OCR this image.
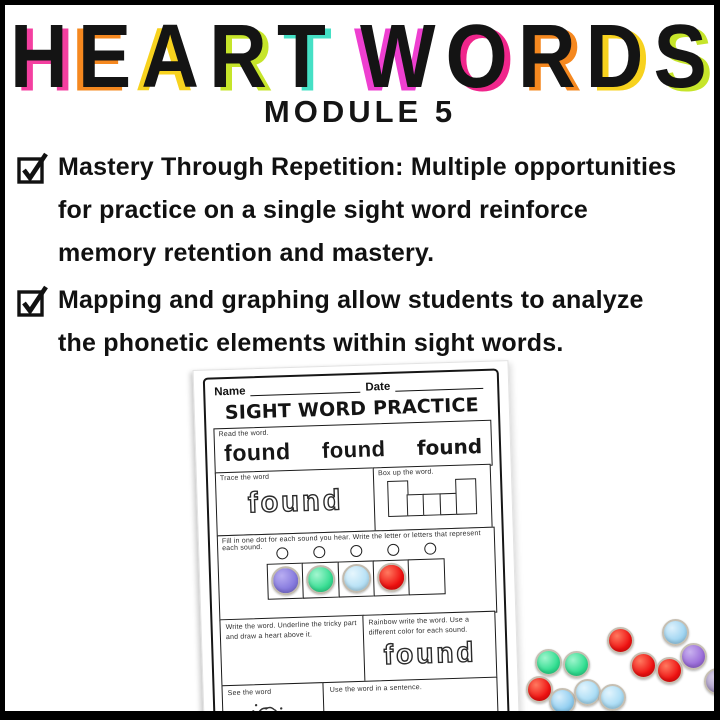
H E A R T W O R D S
MODULE 5
Mastery Through Repetition: Multiple opportunities
for practice on a single sight word reinforce
memory retention and mastery.
Mapping and graphing allow students to analyze
the phonetic elements within sight words.
Name	Date
SIGHT WORD PRACTICE
Read the word.
found found found
Trace the word
found
Box up the word.
Fill in one dot for each sound you hear. Write the letter or letters that represent each sound.
Write the word. Underline the tricky part and draw a heart above it.
Rainbow write the word. Use a different color for each sound.
found
See the word	Use the word in a sentence.
